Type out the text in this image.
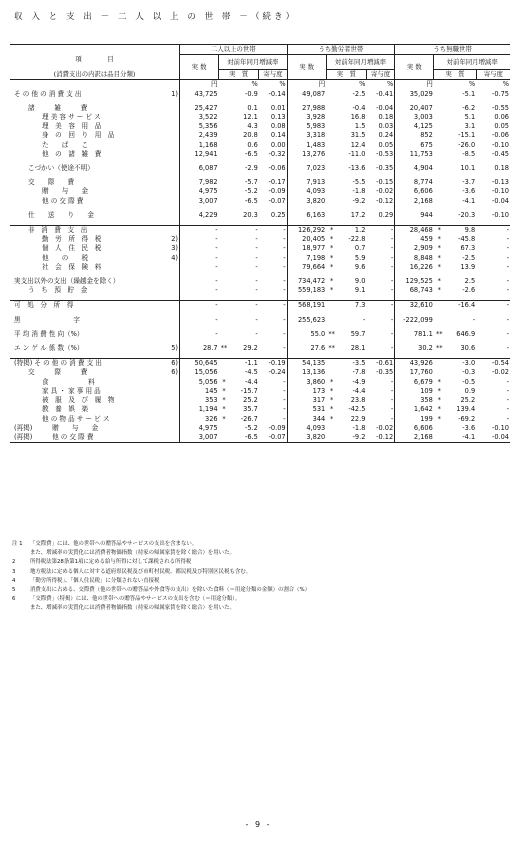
収 入 と 支 出 － 二 人 以 上 の 世 帯 －（続き）
項　　　　目
(消費支出の内訳は品目分類)	二人以上の世帯				うち勤労者世帯				うち無職世帯			
	実 数	対前年同月増減率			実 数	対前年同月増減率			実 数	対前年同月増減率		
		実　質		寄与度		実　質		寄与度		実　質		寄与度
	円	%		%	円	%		%	円	%		%

そ の 他 の 消 費 支 出 1)	43,725		-0.9	-0.14	49,087		-2.5	-0.41	35,029		-5.1	-0.75

諸　　　雑　　　費	25,427		0.1	0.01	27,988		-0.4	-0.04	20,407		-6.2	-0.55

理 美 容 サ ー ビ ス	3,522		12.1	0.13	3,928		16.8	0.18	3,003		5.1	0.06

理　美　容　用　品	5,356		4.3	0.08	5,983		1.5	0.03	4,125		3.1	0.05

身　の　回　り　用　品	2,439		20.8	0.14	3,318		31.5	0.24	852		-15.1	-0.06

た　　ば　　こ	1,168		0.6	0.00	1,483		12.4	0.05	675		-26.0	-0.10

他　の　諸　雑　費	12,941		-6.5	-0.32	13,276		-11.0	-0.53	11,753		-8.5	-0.45

こづかい（使途不明）	6,087		-2.9	-0.06	7,023		-13.6	-0.35	4,904		10.1	0.18

交　　際　　費	7,982		-5.7	-0.17	7,913		-5.5	-0.15	8,774		-3.7	-0.13

贈　　与　　金	4,975		-5.2	-0.09	4,093		-1.8	-0.02	6,606		-3.6	-0.10

他 の 交 際 費	3,007		-6.5	-0.07	3,820		-9.2	-0.12	2,168		-4.1	-0.04

仕　　送　　り　　金	4,229		20.3	0.25	6,163		17.2	0.29	944		-20.3	-0.10

非　消　費　支　出	-		-	-	126,292	*	1.2	-	28,468	*	9.8	-

勤　労　所　得　税 2)	-		-	-	20,405	*	-22.8	-	459	*	-45.8	-

個　人　住　民　税 3)	-		-	-	18,977	*	0.7	-	2,909	*	67.3	-

他　　の　　税 4)	-		-	-	7,198	*	5.9	-	8,848	*	-2.5	-

社　会　保　険　料	-		-	-	79,664	*	9.6	-	16,226	*	13.9	-

実支出以外の支出（繰越金を除く）	-		-	-	734,472	*	9.0	-	129,525	*	2.5	-

う　ち　預　貯　金	-		-	-	559,183	*	9.1	-	68,743	*	-2.6	-

可　処　分　所　得	-		-	-	568,191		7.3	-	32,610		-16.4	-

黒　　　　　　　　字	-		-	-	255,623		-	-	-222,099		-	-

平 均 消 費 性 向（%）	-		-	-	55.0	**	59.7	-	781.1	**	646.9	-

エ ン ゲ ル 係 数（%） 5)	28.7	**	29.2	-	27.6	**	28.1	-	30.2	**	30.6	-

(特掲) そ の 他 の 消 費 支 出 6)	50,645		-1.1	-0.19	54,135		-3.5	-0.61	43,926		-3.0	-0.54

交　　　際　　　費 6)	15,056		-4.5	-0.24	13,136		-7.8	-0.35	17,760		-0.3	-0.02

食　　　　　　料	5,056	*	-4.4	-	3,860	*	-4.9	-	6,679	*	-0.5	-

家 具 ・ 家 事 用 品	145	*	-15.7	-	173	*	-4.4	-	109	*	0.9	-

被　服　及　び　履　物	353	*	25.2	-	317	*	23.8	-	358	*	25.2	-

教　養　娯　楽	1,194	*	35.7	-	531	*	-42.5	-	1,642	*	139.4	-

他 の 物 品 サ ー ビ ス	326	*	-26.7	-	344	*	22.9	-	199	*	-69.2	-

(再掲)　　　贈　　与　　金	4,975		-5.2	-0.09	4,093		-1.8	-0.02	6,606		-3.6	-0.10

(再掲)　　　他 の 交 際 費	3,007		-6.5	-0.07	3,820		-9.2	-0.12	2,168		-4.1	-0.04
注 1	「交際費」には、他の世帯への贈答品やサービスの支出を含まない。
また、増減率の実質化には消費者物価指数（持家の帰属家賃を除く総合）を用いた。
2	所得税法第28条第1項に定める給与所得に対して課税される所得税
3	地方税法に定める個人に対する道府県民税及び市町村民税、都民税及び特別区民税も含む。
4	「勤労所得税」、「個人住民税」に分類されない直接税
5	消費支出に占める、交際費（他の世帯への贈答品や外食等の支出）を除いた食料（＝用途分類の金額）の割合（%）
6	「交際費」（特掲）には、他の世帯への贈答品やサービスの支出を含む（＝用途分類）。
また、増減率の実質化には消費者物価指数（持家の帰属家賃を除く総合）を用いた。
- 9 -
